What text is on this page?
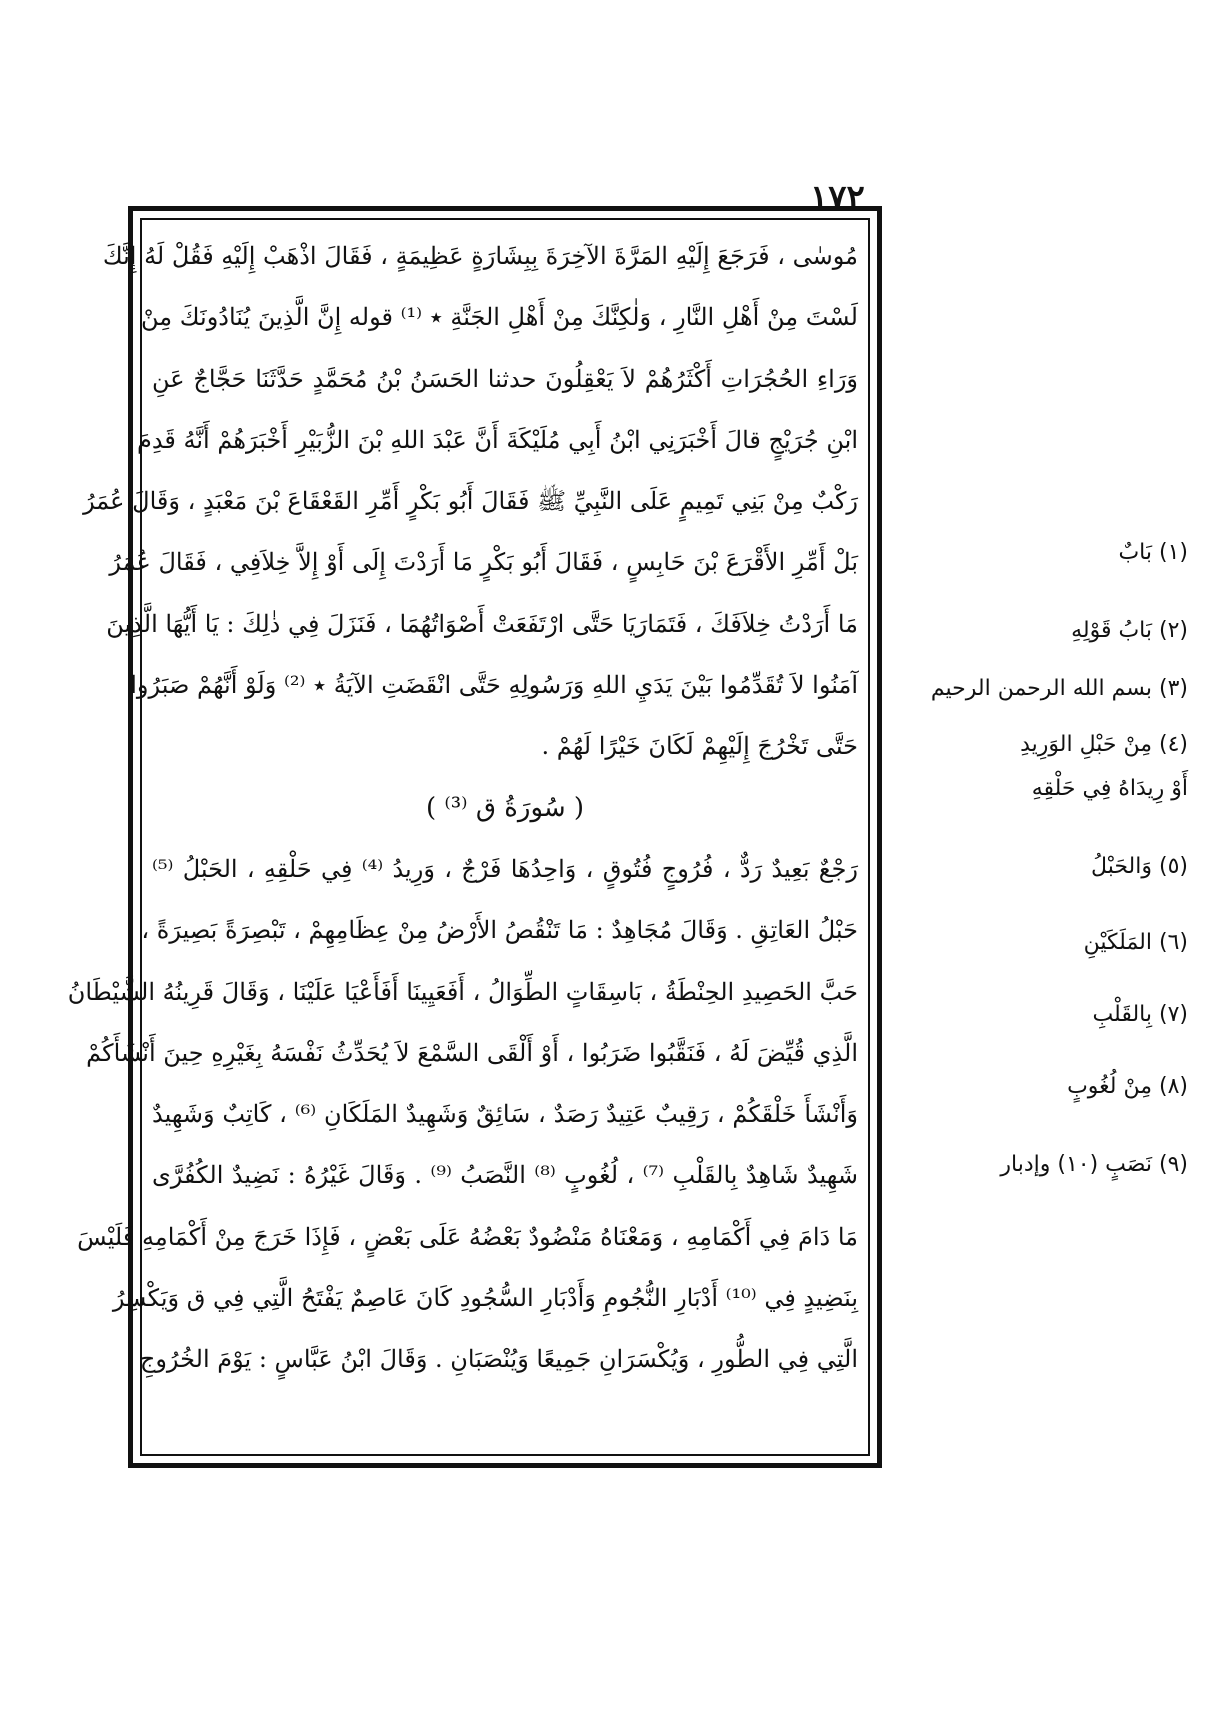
١٧٢
مُوسٰى ، فَرَجَعَ إِلَيْهِ المَرَّةَ الآخِرَةَ بِبِشَارَةٍ عَظِيمَةٍ ، فَقَالَ اذْهَبْ إِلَيْهِ فَقُلْ لَهُ إِنَّكَ
لَسْتَ مِنْ أَهْلِ النَّارِ ، وَلٰكِنَّكَ مِنْ أَهْلِ الجَنَّةِ ٭ ⁽¹⁾ قوله إِنَّ الَّذِينَ يُنَادُونَكَ مِنْ
وَرَاءِ الحُجُرَاتِ أَكْثَرُهُمْ لاَ يَعْقِلُونَ حدثنا الحَسَنُ بْنُ مُحَمَّدٍ حَدَّثَنَا حَجَّاجٌ عَنِ
ابْنِ جُرَيْجٍ قالَ أَخْبَرَنِي ابْنُ أَبِي مُلَيْكَةَ أَنَّ عَبْدَ اللهِ بْنَ الزُّبَيْرِ أَخْبَرَهُمْ أَنَّهُ قَدِمَ
رَكْبٌ مِنْ بَنِي تَمِيمٍ عَلَى النَّبِيِّ ﷺ فَقَالَ أَبُو بَكْرٍ أَمِّرِ القَعْقَاعَ بْنَ مَعْبَدٍ ، وَقَالَ عُمَرُ
بَلْ أَمِّرِ الأَقْرَعَ بْنَ حَابِسٍ ، فَقَالَ أَبُو بَكْرٍ مَا أَرَدْتَ إِلَى أَوْ إِلاَّ خِلاَفِي ، فَقَالَ عُمَرُ
مَا أَرَدْتُ خِلاَفَكَ ، فَتَمَارَيَا حَتَّى ارْتَفَعَتْ أَصْوَاتُهُمَا ، فَنَزَلَ فِي ذٰلِكَ : يَا أَيُّهَا الَّذِينَ
آمَنُوا لاَ تُقَدِّمُوا بَيْنَ يَدَيِ اللهِ وَرَسُولِهِ حَتَّى انْقَضَتِ الآيَةُ ٭ ⁽²⁾ وَلَوْ أَنَّهُمْ صَبَرُوا
حَتَّى تَخْرُجَ إِلَيْهِمْ لَكَانَ خَيْرًا لَهُمْ .
( سُورَةُ ق ⁽³⁾ )
رَجْعٌ بَعِيدٌ رَدٌّ ، فُرُوجٍ فُتُوقٍ ، وَاحِدُهَا فَرْجٌ ، وَرِيدُ ⁽⁴⁾ فِي حَلْقِهِ ، الحَبْلُ ⁽⁵⁾
حَبْلُ العَاتِقِ . وَقَالَ مُجَاهِدٌ : مَا تَنْقُصُ الأَرْضُ مِنْ عِظَامِهِمْ ، تَبْصِرَةً بَصِيرَةً ،
حَبَّ الحَصِيدِ الحِنْطَةُ ، بَاسِقَاتٍ الطِّوَالُ ، أَفَعَيِينَا أَفَأَعْيَا عَلَيْنَا ، وَقَالَ قَرِينُهُ الشَّيْطَانُ
الَّذِي قُيِّضَ لَهُ ، فَنَقَّبُوا ضَرَبُوا ، أَوْ أَلْقَى السَّمْعَ لاَ يُحَدِّثُ نَفْسَهُ بِغَيْرِهِ حِينَ أَنْشَأَكُمْ
وَأَنْشَأَ خَلْقَكُمْ ، رَقِيبٌ عَتِيدٌ رَصَدٌ ، سَائِقٌ وَشَهِيدٌ المَلَكَانِ ⁽⁶⁾ ، كَاتِبٌ وَشَهِيدٌ
شَهِيدٌ شَاهِدٌ بِالقَلْبِ ⁽⁷⁾ ، لُغُوبٍ ⁽⁸⁾ النَّصَبُ ⁽⁹⁾ . وَقَالَ غَيْرُهُ : نَضِيدٌ الكُفُرَّى
مَا دَامَ فِي أَكْمَامِهِ ، وَمَعْنَاهُ مَنْضُودٌ بَعْضُهُ عَلَى بَعْضٍ ، فَإِذَا خَرَجَ مِنْ أَكْمَامِهِ فَلَيْسَ
بِنَضِيدٍ فِي ⁽¹⁰⁾ أَدْبَارِ النُّجُومِ وَأَدْبَارِ السُّجُودِ كَانَ عَاصِمٌ يَفْتَحُ الَّتِي فِي ق وَيَكْسِرُ
الَّتِي فِي الطُّورِ ، وَيُكْسَرَانِ جَمِيعًا وَيُنْصَبَانِ . وَقَالَ ابْنُ عَبَّاسٍ : يَوْمَ الخُرُوجِ
(١) بَابٌ
(٢) بَابُ قَوْلِهِ
(٣) بسم الله الرحمن الرحيم
(٤) مِنْ حَبْلِ الوَرِيدِ
أَوْ رِيدَاهُ فِي حَلْقِهِ
(٥) وَالحَبْلُ
(٦) المَلَكَيْنِ
(٧) بِالقَلْبِ
(٨) مِنْ لُغُوبٍ
(٩) نَصَبٍ (١٠) وإدبار
